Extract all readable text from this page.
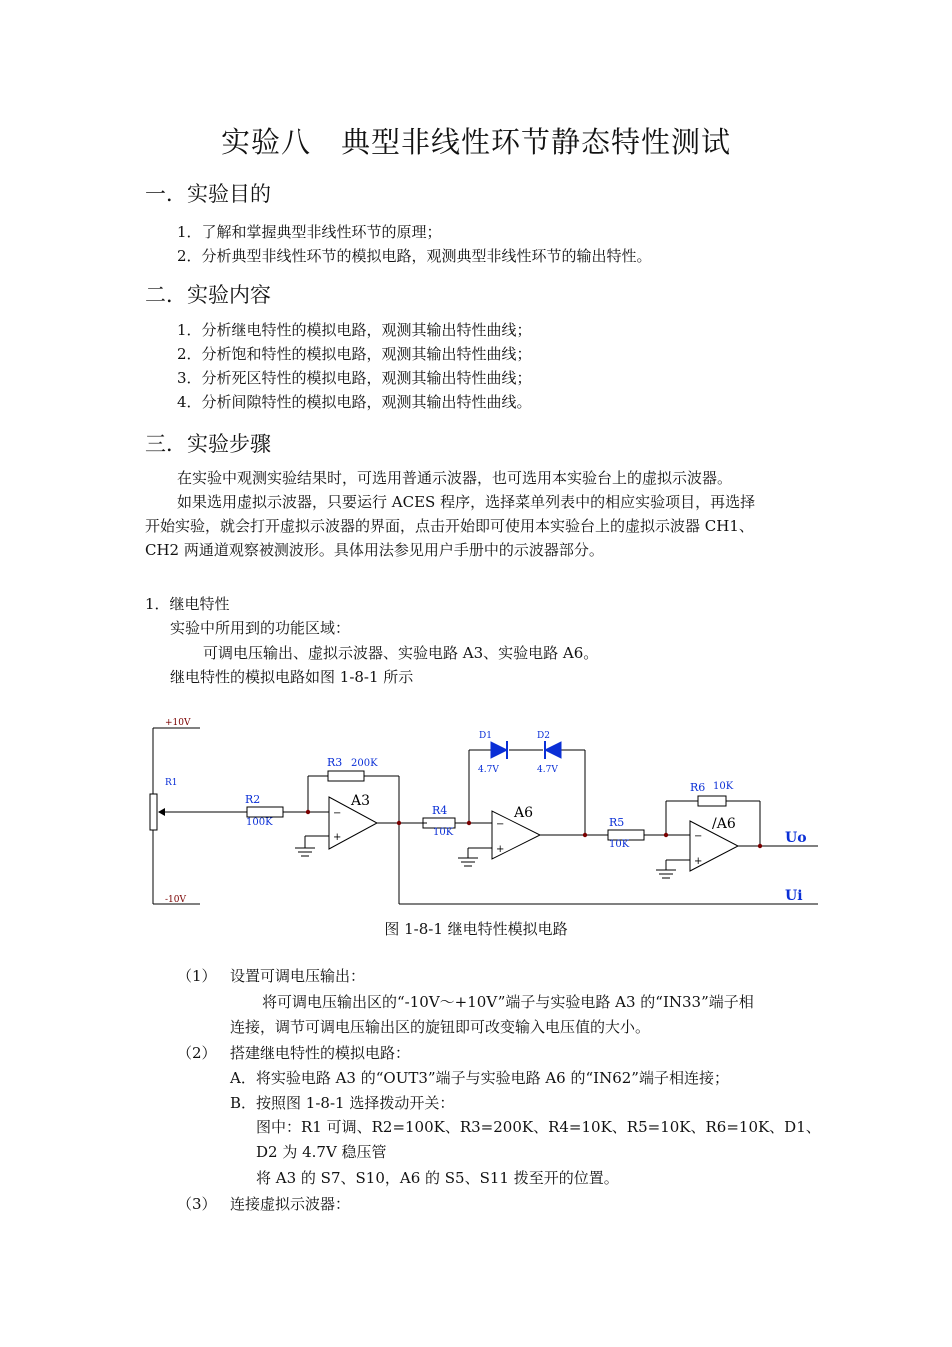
实验八　典型非线性环节静态特性测试
一．实验目的
1．了解和掌握典型非线性环节的原理；
2．分析典型非线性环节的模拟电路，观测典型非线性环节的输出特性。
二．实验内容
1．分析继电特性的模拟电路，观测其输出特性曲线；
2．分析饱和特性的模拟电路，观测其输出特性曲线；
3．分析死区特性的模拟电路，观测其输出特性曲线；
4．分析间隙特性的模拟电路，观测其输出特性曲线。
三．实验步骤
在实验中观测实验结果时，可选用普通示波器，也可选用本实验台上的虚拟示波器。
如果选用虚拟示波器，只要运行 ACES 程序，选择菜单列表中的相应实验项目，再选择
开始实验，就会打开虚拟示波器的界面，点击开始即可使用本实验台上的虚拟示波器 CH1、
CH2 两通道观察被测波形。具体用法参见用户手册中的示波器部分。
1．继电特性
实验中所用到的功能区域：
可调电压输出、虚拟示波器、实验电路 A3、实验电路 A6。
继电特性的模拟电路如图 1-8-1 所示
+10V
-10V
R1
D1	D2
4.7V	4.7V
R2
100K
R3 200K
R4
10K
R5
10K
R6 10K
A3
A6
/A6
Uo
Ui
−
+
−
+
−
+
图 1-8-1 继电特性模拟电路
（1） 设置可调电压输出：
将可调电压输出区的“-10V～+10V”端子与实验电路 A3 的“IN33”端子相
连接，调节可调电压输出区的旋钮即可改变输入电压值的大小。
（2） 搭建继电特性的模拟电路：
A．将实验电路 A3 的“OUT3”端子与实验电路 A6 的“IN62”端子相连接；
B．按照图 1-8-1 选择拨动开关：
图中：R1 可调、R2=100K、R3=200K、R4=10K、R5=10K、R6=10K、D1、
D2 为 4.7V 稳压管
将 A3 的 S7、S10，A6 的 S5、S11 拨至开的位置。
（3） 连接虚拟示波器：
